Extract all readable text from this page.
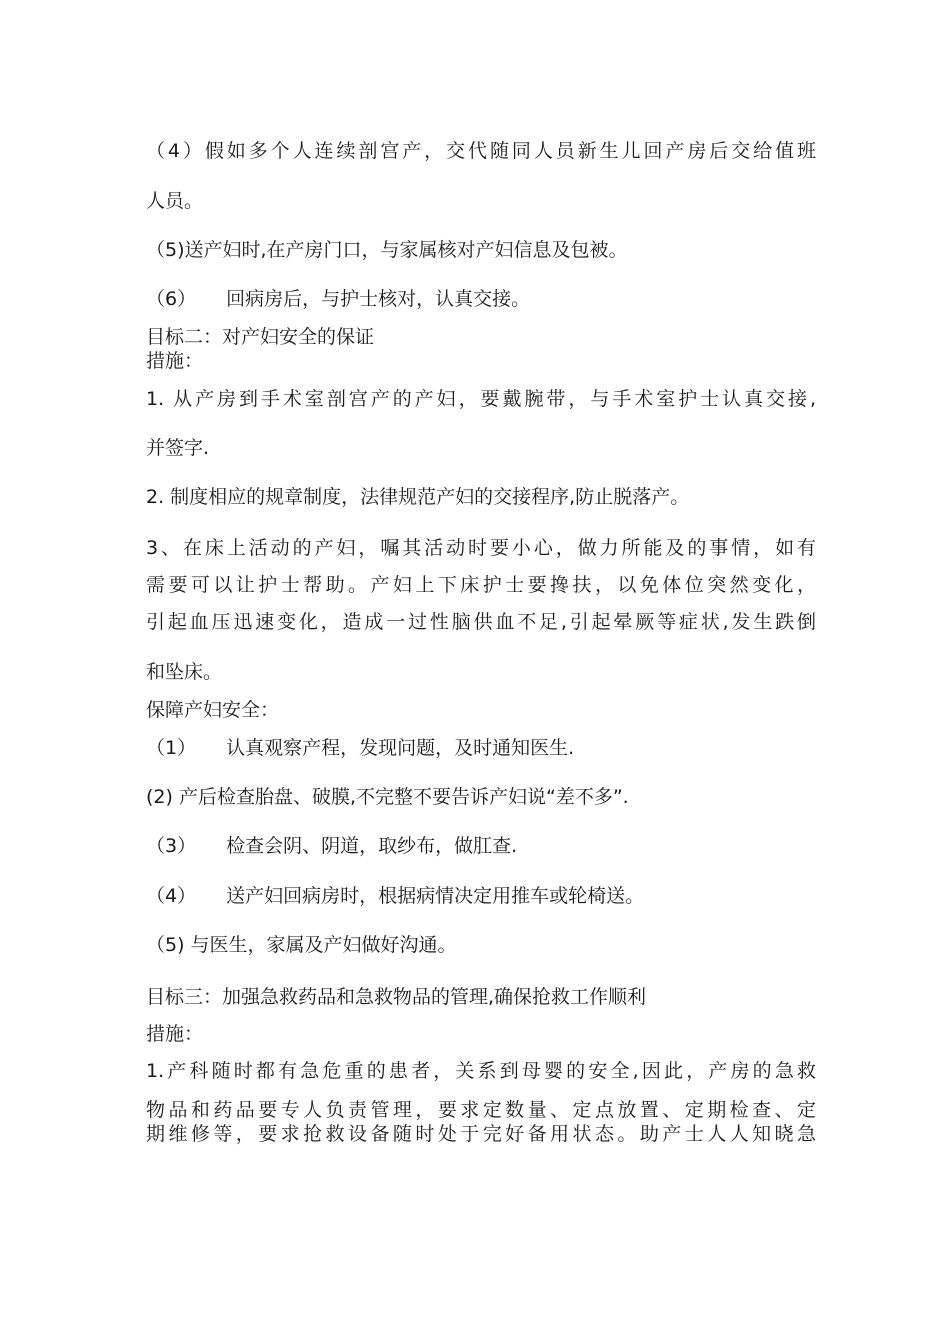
（4）假如多个人连续剖宫产，交代随同人员新生儿回产房后交给值班
人员。
（5)送产妇时,在产房门口，与家属核对产妇信息及包被。
（6） 回病房后，与护士核对，认真交接。
目标二：对产妇安全的保证
措施：
1. 从产房到手术室剖宫产的产妇，要戴腕带，与手术室护士认真交接,
并签字.
2. 制度相应的规章制度，法律规范产妇的交接程序,防止脱落产。
3、在床上活动的产妇，嘱其活动时要小心，做力所能及的事情，如有
需要可以让护士帮助。产妇上下床护士要搀扶，以免体位突然变化，
引起血压迅速变化，造成一过性脑供血不足,引起晕厥等症状,发生跌倒
和坠床。
保障产妇安全：
（1） 认真观察产程，发现问题，及时通知医生.
(2) 产后检查胎盘、破膜,不完整不要告诉产妇说“差不多”.
（3） 检查会阴、阴道，取纱布，做肛查.
（4） 送产妇回病房时，根据病情决定用推车或轮椅送。
（5) 与医生，家属及产妇做好沟通。
目标三：加强急救药品和急救物品的管理,确保抢救工作顺利
措施：
1.产科随时都有急危重的患者，关系到母婴的安全,因此，产房的急救
物品和药品要专人负责管理，要求定数量、定点放置、定期检查、定
期维修等，要求抢救设备随时处于完好备用状态。助产士人人知晓急
